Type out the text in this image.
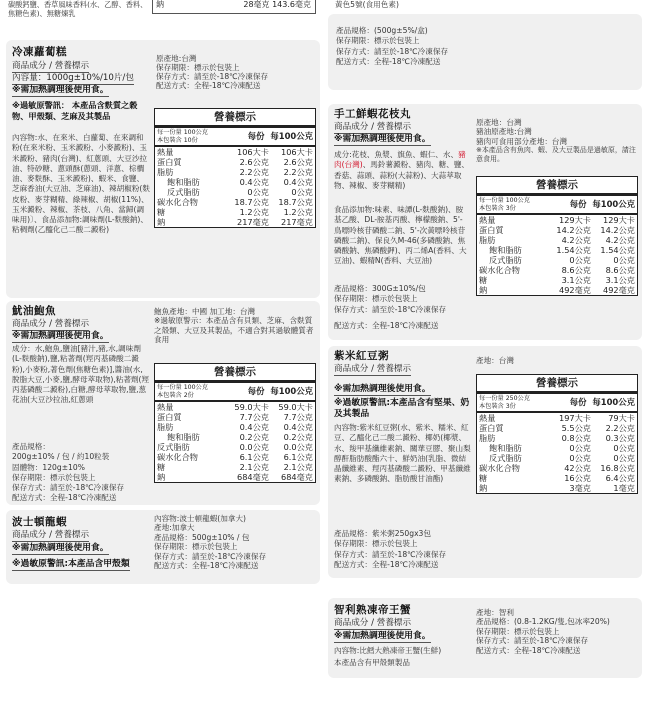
碳酸鈣鹽、香草風味香料(水、乙醇、香料、焦糖色素)、無糖煉乳
鈉	28毫克 143.6毫克	黃色5號(食用色素)
產品規格：(500g±5%/盒)
保存期限：標示於包裝上
保存方式：請至於-18℃冷凍保存
配送方式：全程-18℃冷凍配送
冷凍蘿蔔糕
商品成分 / 營養標示
內容量：1000g±10%/10片/包
※需加熱調理後使用食。
原產地:台灣
保存期限：標示於包裝上
保存方式：請至於-18℃冷凍保存
配送方式：全程-18℃冷凍配送
※過敏原警訊： 本產品含麩質之穀物、甲殼類、芝麻及其製品
內容物:水、在來米、白蘿蔔、在來調和粉(在來米粉、玉米澱粉、小麥澱粉)、玉米澱粉、豬肉(台灣)、紅蔥頭、大豆沙拉油、特砂糖、蔥頭酥(蔥頭、洋蔥、棕櫚油、麥麩酥、玉米澱粉)、蝦米、食鹽、芝麻香油(大豆油、芝麻油)、辣胡椒粉(麩皮粉、麥芽糊精、綠辣椒、胡椒(11%)、玉米澱粉、辣椒、茶枝、八角、當歸(調味用)〕、食品添加物:調味劑(L-麩酸鈉)、粘稠劑(乙醯化己二酸二澱粉)
營養標示
每一份量 100公克
本包裝含 10份	每份 每100公克
熱量	106大卡	106大卡
蛋白質	2.6公克	2.6公克
脂肪	2.2公克	2.2公克
飽和脂肪	0.4公克	0.4公克
反式脂肪	0公克	0公克
碳水化合物	18.7公克	18.7公克
糖	1.2公克	1.2公克
鈉	217毫克	217毫克
手工鮮蝦花枝丸
商品成分 / 營養標示
※需加熱調理後使用食。
原產地：台灣
豬油原產地:台灣
豬肉可食用部分產地：台灣
※本產品含有魚肉、蝦、及大豆製品是過敏原，請注意食用。
成分:花枝、魚漿、旗魚、蝦仁、水、豬肉(台灣)、馬鈴薯澱粉、豬肉、糖、鹽、香菇、蒜頭、蒜粉(大蒜粉)、大蒜萃取物、辣椒、麥芽糊精)
食品添加物:味素、味譚(L-麩酸鈉)、胺基乙酸、DL-胺基丙酸、檸檬酸鈉、5'-鳥嘌呤核苷磷酸二鈉、5'-次黃嘌呤核苷磷酸二鈉)、保良久M-46(多磷酸鈉、焦磷酸鈉、焦磷酸鉀)、丙二烯A(香料、大豆油)、蝦精N(香料、大豆油)
產品規格：300G±10%/包
保存期限：標示於包裝上
保存方式：請至於-18℃冷凍保存
配送方式：全程-18℃冷凍配送
營養標示
每一份量 100公克
本包裝含 3份	每份 每100公克
熱量	129大卡	129大卡
蛋白質	14.2公克	14.2公克
脂肪	4.2公克	4.2公克
飽和脂肪	1.54公克	1.54公克
反式脂肪	0公克	0公克
碳水化合物	8.6公克	8.6公克
糖	3.1公克	3.1公克
鈉	492毫克	492毫克
魷油鮑魚
商品成分 / 營養標示
※需加熱調理後使用食。
鮑魚產地：中國 加工地：台灣
※過敏原警示：本產品含有貝類、芝麻、含麩質之殼類、大豆及其製品，不適合對其過敏體質者食用
成分：水,鮑魚,鹽油[豬汁,豬,水,調味劑(L-麩酸鈉),鹽,粘著劑(羥丙基磷酸二澱粉),小麥粉,著色劑(焦糖色素)],醬油(水,脫脂大豆,小麥,鹽,酵母萃取物),粘著劑(羥丙基磷酸二澱粉),白糖,酵母萃取物,鹽,葱花油(大豆沙拉油,紅蔥頭
產品規格：
200g±10% / 包 / 約10粒裝
固體物：120g±10%
保存期限：標示於包裝上
保存方式：請至於-18℃冷凍保存
配送方式：全程-18℃冷凍配送
營養標示
每一份量 100公克
本包裝含 2份	每份 每100公克
熱量	59.0大卡	59.0大卡
蛋白質	7.7公克	7.7公克
脂肪	0.4公克	0.4公克
飽和脂肪	0.2公克	0.2公克
反式脂肪	0.0公克	0.0公克
碳水化合物	6.1公克	6.1公克
糖	2.1公克	2.1公克
鈉	684毫克	684毫克
紫米紅豆粥
商品成分 / 營養標示
產地：台灣
※需加熱調理後使用食。
※過敏原警訊:本產品含有堅果、奶及其製品
內容物:紫米紅豆粥(水、紫米、糯米、紅豆、乙醯化己二酸二澱粉、椰奶(椰漿、水、羧甲基纖維素鈉、關華豆膠、聚山梨醇酐脂肪酸酯六十、鮮奶油(乳脂、微結晶纖維素、羥丙基磷酸二澱粉、甲基纖維素鈉、多磷酸鈉、脂肪酸甘油酯)
產品規格：紫米粥250gx3包
保存期限：標示於包裝上
保存方式：請至於-18℃冷凍保存
配送方式：全程-18℃冷凍配送
營養標示
每一份量 250公克
本包裝含 3份	每份 每100公克
熱量	197大卡	79大卡
蛋白質	5.5公克	2.2公克
脂肪	0.8公克	0.3公克
飽和脂肪	0公克	0公克
反式脂肪	0公克	0公克
碳水化合物	42公克	16.8公克
糖	16公克	6.4公克
鈉	3毫克	1毫克
波士頓龍蝦
商品成分 / 營養標示
※需加熱調理後使用食。
※過敏原警訊:本產品含甲殼類
內容物:波士頓龍蝦(加拿大)
產地:加拿大
產品規格：500g±10% / 包
保存期限：標示於包裝上
保存方式：請至於-18℃冷凍保存
配送方式：全程-18℃冷凍配送
智利熟凍帝王蟹
商品成分 / 營養標示
※需加熱調理後使用食。
內容物:比鱈大熟凍帝王蟹(生鮮)
本產品含有甲殼類製品
產地：智利
產品規格：(0.8-1.2KG/隻,包冰率20%)
保存期限：標示於包裝上
保存方式：請至於-18℃冷凍保存
配送方式：全程-18℃冷凍配送
